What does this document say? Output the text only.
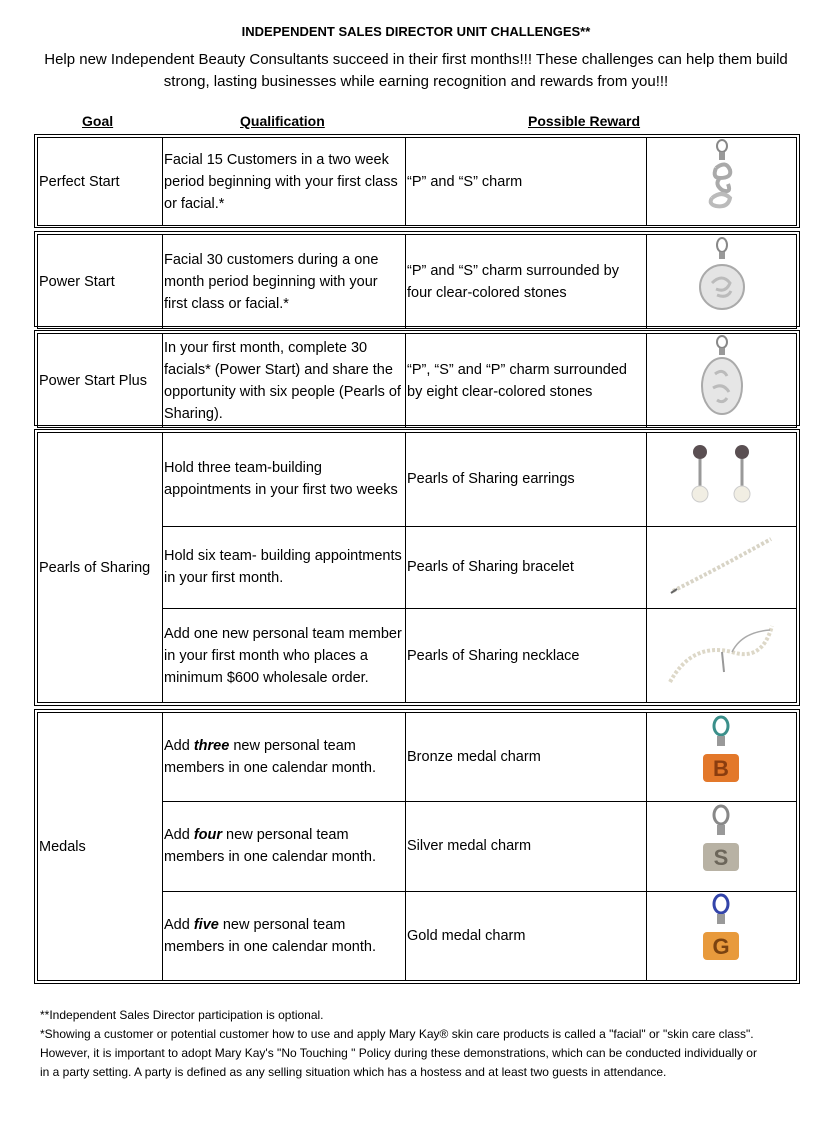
INDEPENDENT SALES DIRECTOR UNIT CHALLENGES**
Help new Independent Beauty Consultants succeed in their first months!!! These challenges can help them build strong, lasting businesses while earning recognition and rewards from you!!!
Goal	Qualification	Possible Reward
Perfect Start	Facial 15 Customers in a two week period beginning with your first class or facial.*	“P” and “S” charm	
Power Start	Facial 30 customers during a one month period beginning with your first class or facial.*	“P” and “S” charm surrounded by four clear-colored stones	
Power Start Plus	In your first month, complete 30 facials* (Power Start) and share the opportunity with six people (Pearls of Sharing).	“P”, “S” and “P” charm surrounded by eight clear-colored stones	
Pearls of Sharing	Hold three team-building appointments in your first two weeks	Pearls of Sharing earrings	
	Hold six team- building appointments in your first month.	Pearls of Sharing bracelet	
	Add one new personal team member in your first month who places a minimum $600 wholesale order.	Pearls of Sharing necklace	
Medals	Add three new personal team members in one calendar month.	Bronze medal charm	B

	Add four new personal team members in one calendar month.	Silver medal charm	S

	Add five new personal team members in one calendar month.	Gold medal charm	G
**Independent Sales Director participation is optional.
*Showing a customer or potential customer how to use and apply Mary Kay® skin care products is called a "facial" or "skin care class". However, it is important to adopt Mary Kay's "No Touching " Policy during these demonstrations, which can be conducted individually or in a party setting. A party is defined as any selling situation which has a hostess and at least two guests in attendance.
